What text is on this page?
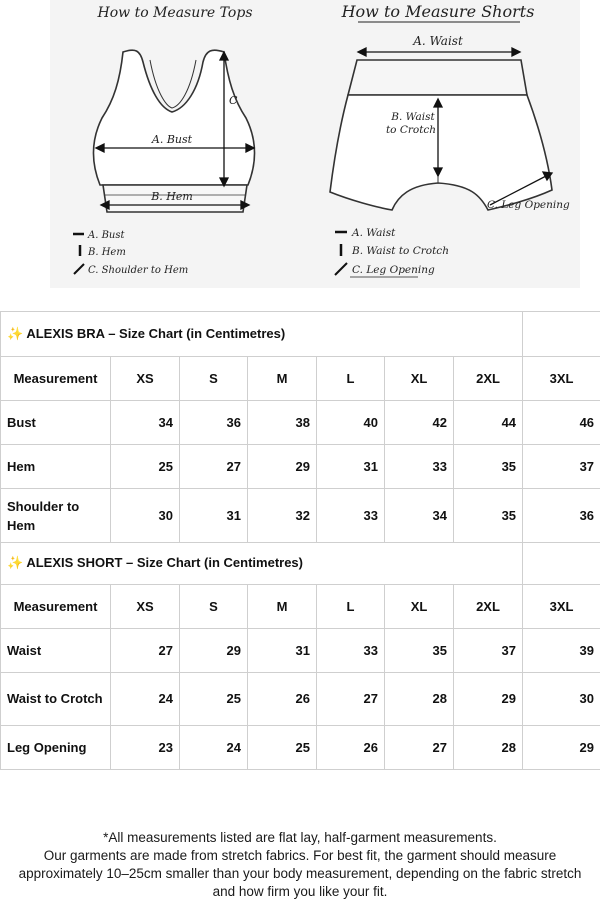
How to Measure Tops
A. Bust
B. Hem
C
A. Bust
B. Hem
C. Shoulder to Hem
How to Measure Shorts
A. Waist
B. Waist
to Crotch
C. Leg Opening
A. Waist
B. Waist to Crotch
C. Leg Opening
✨ ALEXIS BRA – Size Chart (in Centimetres)							
Measurement	XS	S	M	L	XL	2XL	3XL
Bust	34	36	38	40	42	44	46
Hem	25	27	29	31	33	35	37
Shoulder to Hem	30	31	32	33	34	35	36
✨ ALEXIS SHORT – Size Chart (in Centimetres)							
Measurement	XS	S	M	L	XL	2XL	3XL
Waist	27	29	31	33	35	37	39
Waist to Crotch	24	25	26	27	28	29	30
Leg Opening	23	24	25	26	27	28	29
*All measurements listed are flat lay, half-garment measurements.
Our garments are made from stretch fabrics. For best fit, the garment should measure approximately 10–25cm smaller than your body measurement, depending on the fabric stretch and how firm you like your fit.
